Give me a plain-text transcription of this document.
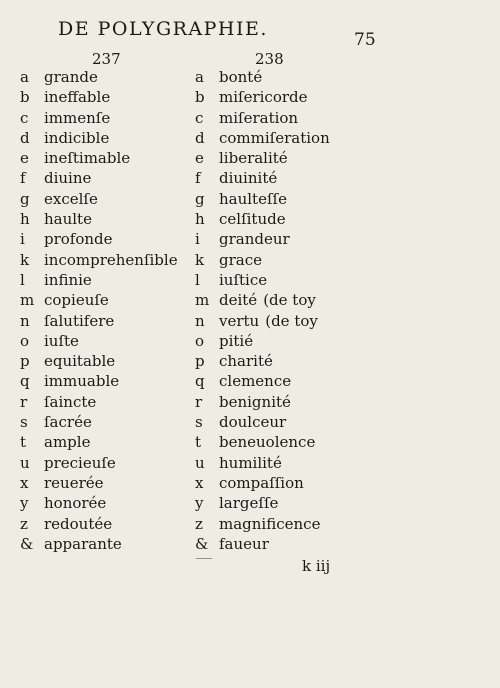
DE POLYGRAPHIE.	75
237	238
a grande
b ineffable
c immenſe
d indicible
e ineſtimable
f diuine
g excelſe
h haulte
i profonde
k incomprehenſible
l infinie
m copieuſe
n ſalutifere
o iuſte
p equitable
q immuable
r ſaincte
s ſacrée
t ample
u precieuſe
x reuerée
y honorée
z redoutée
& apparante
a bonté
b miſericorde
c miſeration
d commiſeration
e liberalité
f diuinité
g haulteſſe
h celſitude
i grandeur
k grace
l iuſtice
m deité (de toy
n vertu (de toy
o pitié
p charité
q clemence
r benignité
s doulceur
t beneuolence
u humilité
x compaſſion
y largeſſe
z magnificence
& faueur
k iij
